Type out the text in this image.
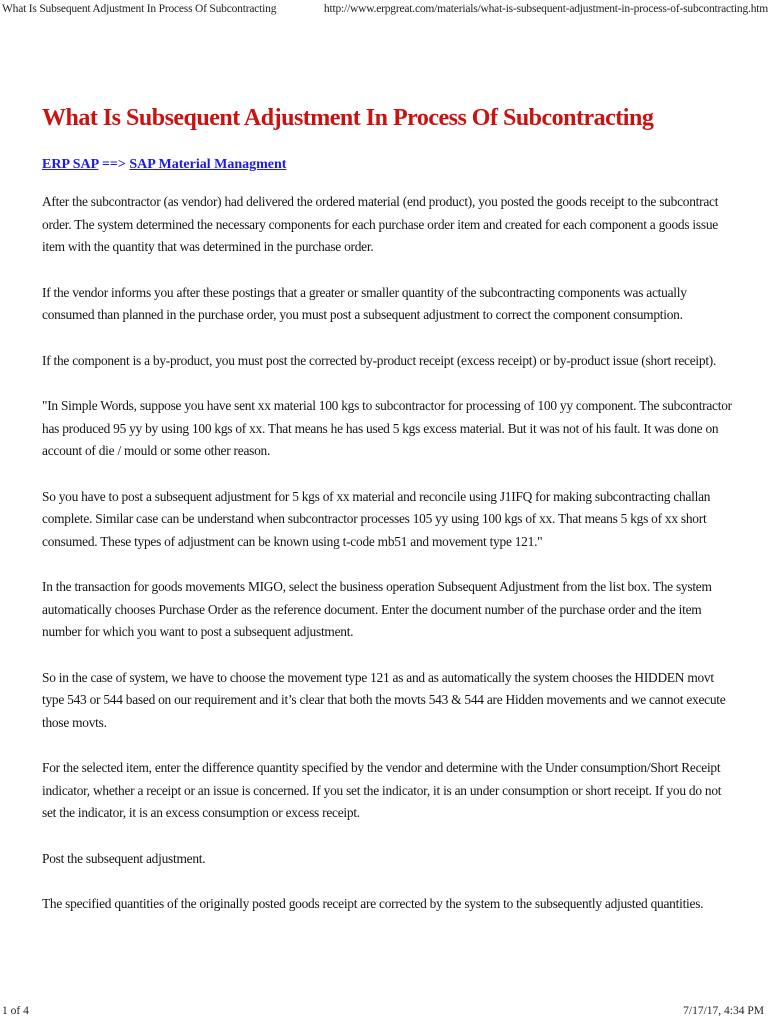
What Is Subsequent Adjustment In Process Of Subcontracting	http://www.erpgreat.com/materials/what-is-subsequent-adjustment-in-process-of-subcontracting.htm
What Is Subsequent Adjustment In Process Of Subcontracting
ERP SAP ==> SAP Material Managment

After the subcontractor (as vendor) had delivered the ordered material (end product), you posted the goods receipt to the subcontract order. The system determined the necessary components for each purchase order item and created for each component a goods issue item with the quantity that was determined in the purchase order.

If the vendor informs you after these postings that a greater or smaller quantity of the subcontracting components was actually consumed than planned in the purchase order, you must post a subsequent adjustment to correct the component consumption.

If the component is a by-product, you must post the corrected by-product receipt (excess receipt) or by-product issue (short receipt).

"In Simple Words, suppose you have sent xx material 100 kgs to subcontractor for processing of 100 yy component. The subcontractor has produced 95 yy by using 100 kgs of xx. That means he has used 5 kgs excess material. But it was not of his fault. It was done on account of die / mould or some other reason.

So you have to post a subsequent adjustment for 5 kgs of xx material and reconcile using J1IFQ for making subcontracting challan complete. Similar case can be understand when subcontractor processes 105 yy using 100 kgs of xx. That means 5 kgs of xx short consumed. These types of adjustment can be known using t-code mb51 and movement type 121."

In the transaction for goods movements MIGO, select the business operation Subsequent Adjustment from the list box. The system automatically chooses Purchase Order as the reference document. Enter the document number of the purchase order and the item number for which you want to post a subsequent adjustment.

So in the case of system, we have to choose the movement type 121 as and as automatically the system chooses the HIDDEN movt type 543 or 544 based on our requirement and it’s clear that both the movts 543 & 544 are Hidden movements and we cannot execute those movts.

For the selected item, enter the difference quantity specified by the vendor and determine with the Under consumption/Short Receipt indicator, whether a receipt or an issue is concerned. If you set the indicator, it is an under consumption or short receipt. If you do not set the indicator, it is an excess consumption or excess receipt.

Post the subsequent adjustment.

The specified quantities of the originally posted goods receipt are corrected by the system to the subsequently adjusted quantities.

1 of 4	7/17/17, 4:34 PM
